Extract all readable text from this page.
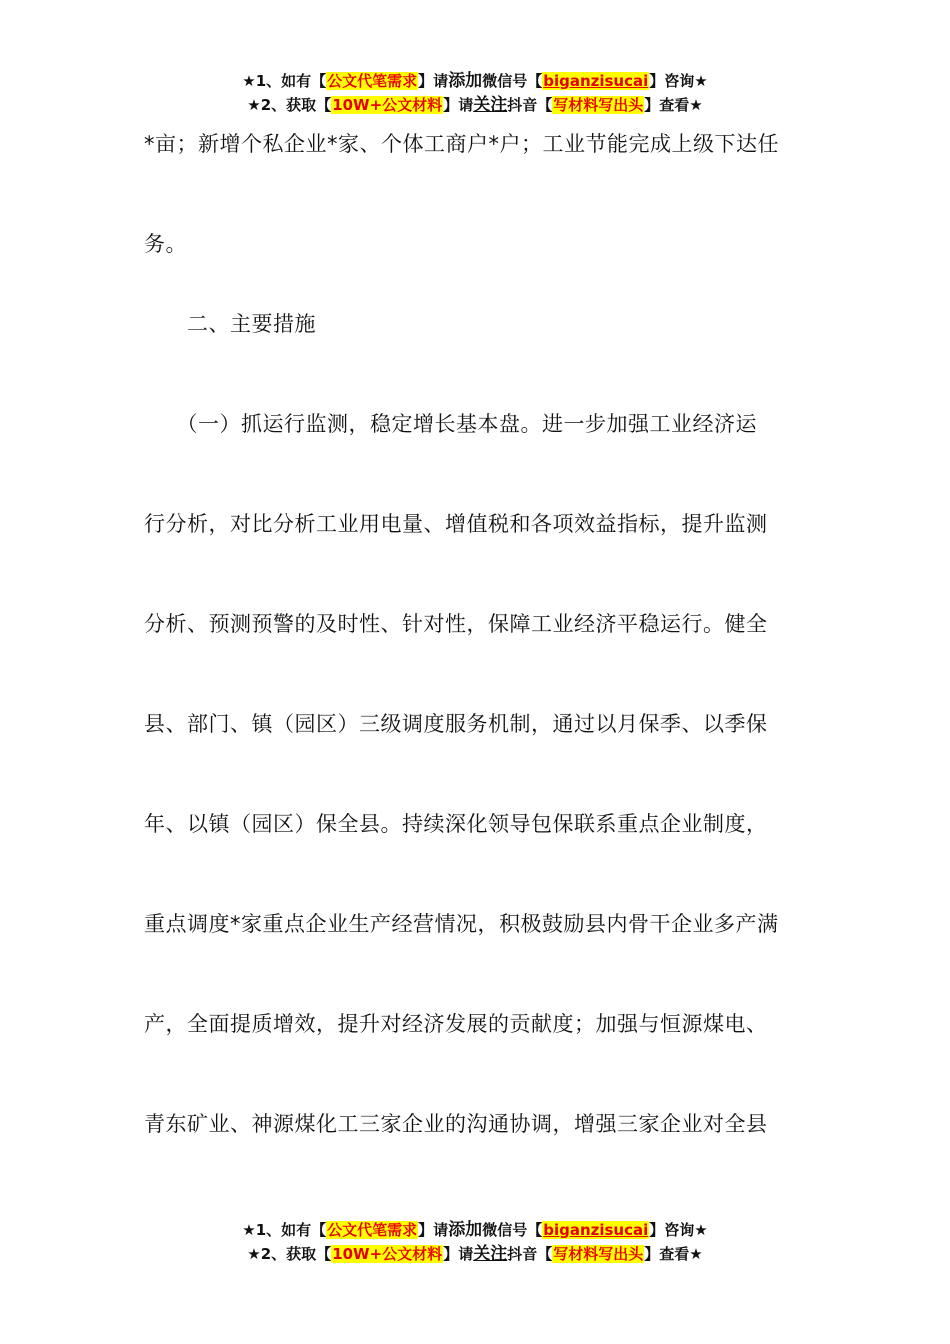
★1、如有【公文代笔需求】请添加微信号【biganzisucai】咨询★
★2、获取【10W+公文材料】请关注抖音【写材料写出头】查看★

*亩；新增个私企业*家、个体工商户*户；工业节能完成上级下达任

务。

　　二、主要措施

　　（一）抓运行监测，稳定增长基本盘。进一步加强工业经济运

行分析，对比分析工业用电量、增值税和各项效益指标，提升监测

分析、预测预警的及时性、针对性，保障工业经济平稳运行。健全

县、部门、镇（园区）三级调度服务机制，通过以月保季、以季保

年、以镇（园区）保全县。持续深化领导包保联系重点企业制度，

重点调度*家重点企业生产经营情况，积极鼓励县内骨干企业多产满

产，全面提质增效，提升对经济发展的贡献度；加强与恒源煤电、

青东矿业、神源煤化工三家企业的沟通协调，增强三家企业对全县

★1、如有【公文代笔需求】请添加微信号【biganzisucai】咨询★
★2、获取【10W+公文材料】请关注抖音【写材料写出头】查看★
